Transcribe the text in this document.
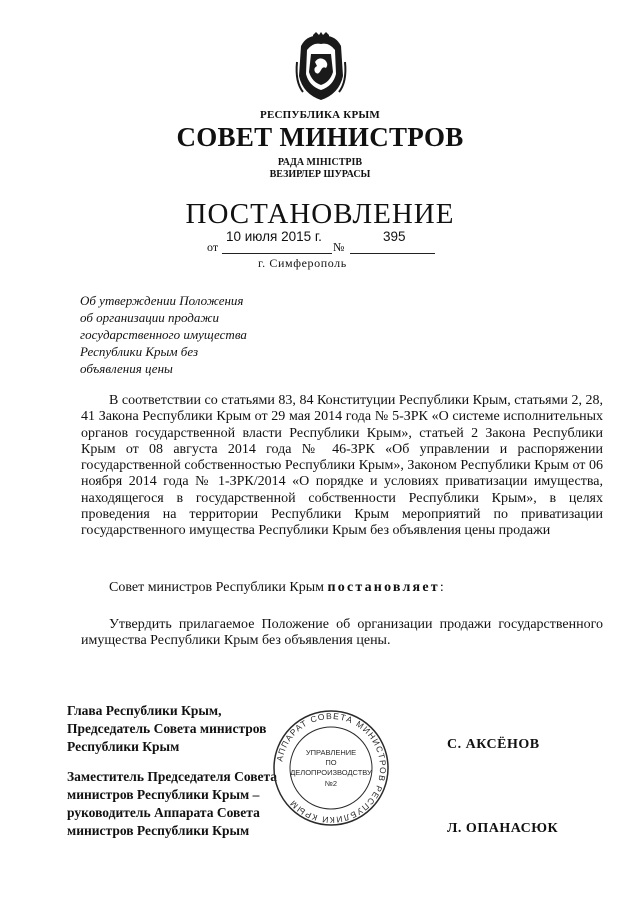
РЕСПУБЛИКА КРЫМ
СОВЕТ МИНИСТРОВ
РАДА МІНІСТРІВ
ВЕЗИРЛЕР ШУРАСЫ
ПОСТАНОВЛЕНИЕ
от
10 июля 2015 г.
№
395
г. Симферополь
Об утверждении Положения
об организации продажи
государственного имущества
Республики Крым без
объявления цены
В соответствии со статьями 83, 84 Конституции Республики Крым, статьями 2, 28, 41 Закона Республики Крым от 29 мая 2014 года № 5-ЗРК «О системе исполнительных органов государственной власти Республики Крым», статьей 2 Закона Республики Крым от 08 августа 2014 года № 46-ЗРК «Об управлении и распоряжении государственной собственностью Республики Крым», Законом Республики Крым от 06 ноября 2014 года № 1-ЗРК/2014 «О порядке и условиях приватизации имущества, находящегося в государственной собственности Республики Крым», в целях проведения на территории Республики Крым мероприятий по приватизации государственного имущества Республики Крым без объявления цены продажи
Совет министров Республики Крым постановляет:
Утвердить прилагаемое Положение об организации продажи государственного имущества Республики Крым без объявления цены.
Глава Республики Крым,
Председатель Совета министров
Республики Крым	С. АКСЁНОВ
Заместитель Председателя Совета
министров Республики Крым –
руководитель Аппарата Совета
министров Республики Крым	Л. ОПАНАСЮК
АППАРАТ СОВЕТА МИНИСТРОВ РЕСПУБЛИКИ КРЫМ
УПРАВЛЕНИЕ
ПО
ДЕЛОПРОИЗВОДСТВУ
№2
